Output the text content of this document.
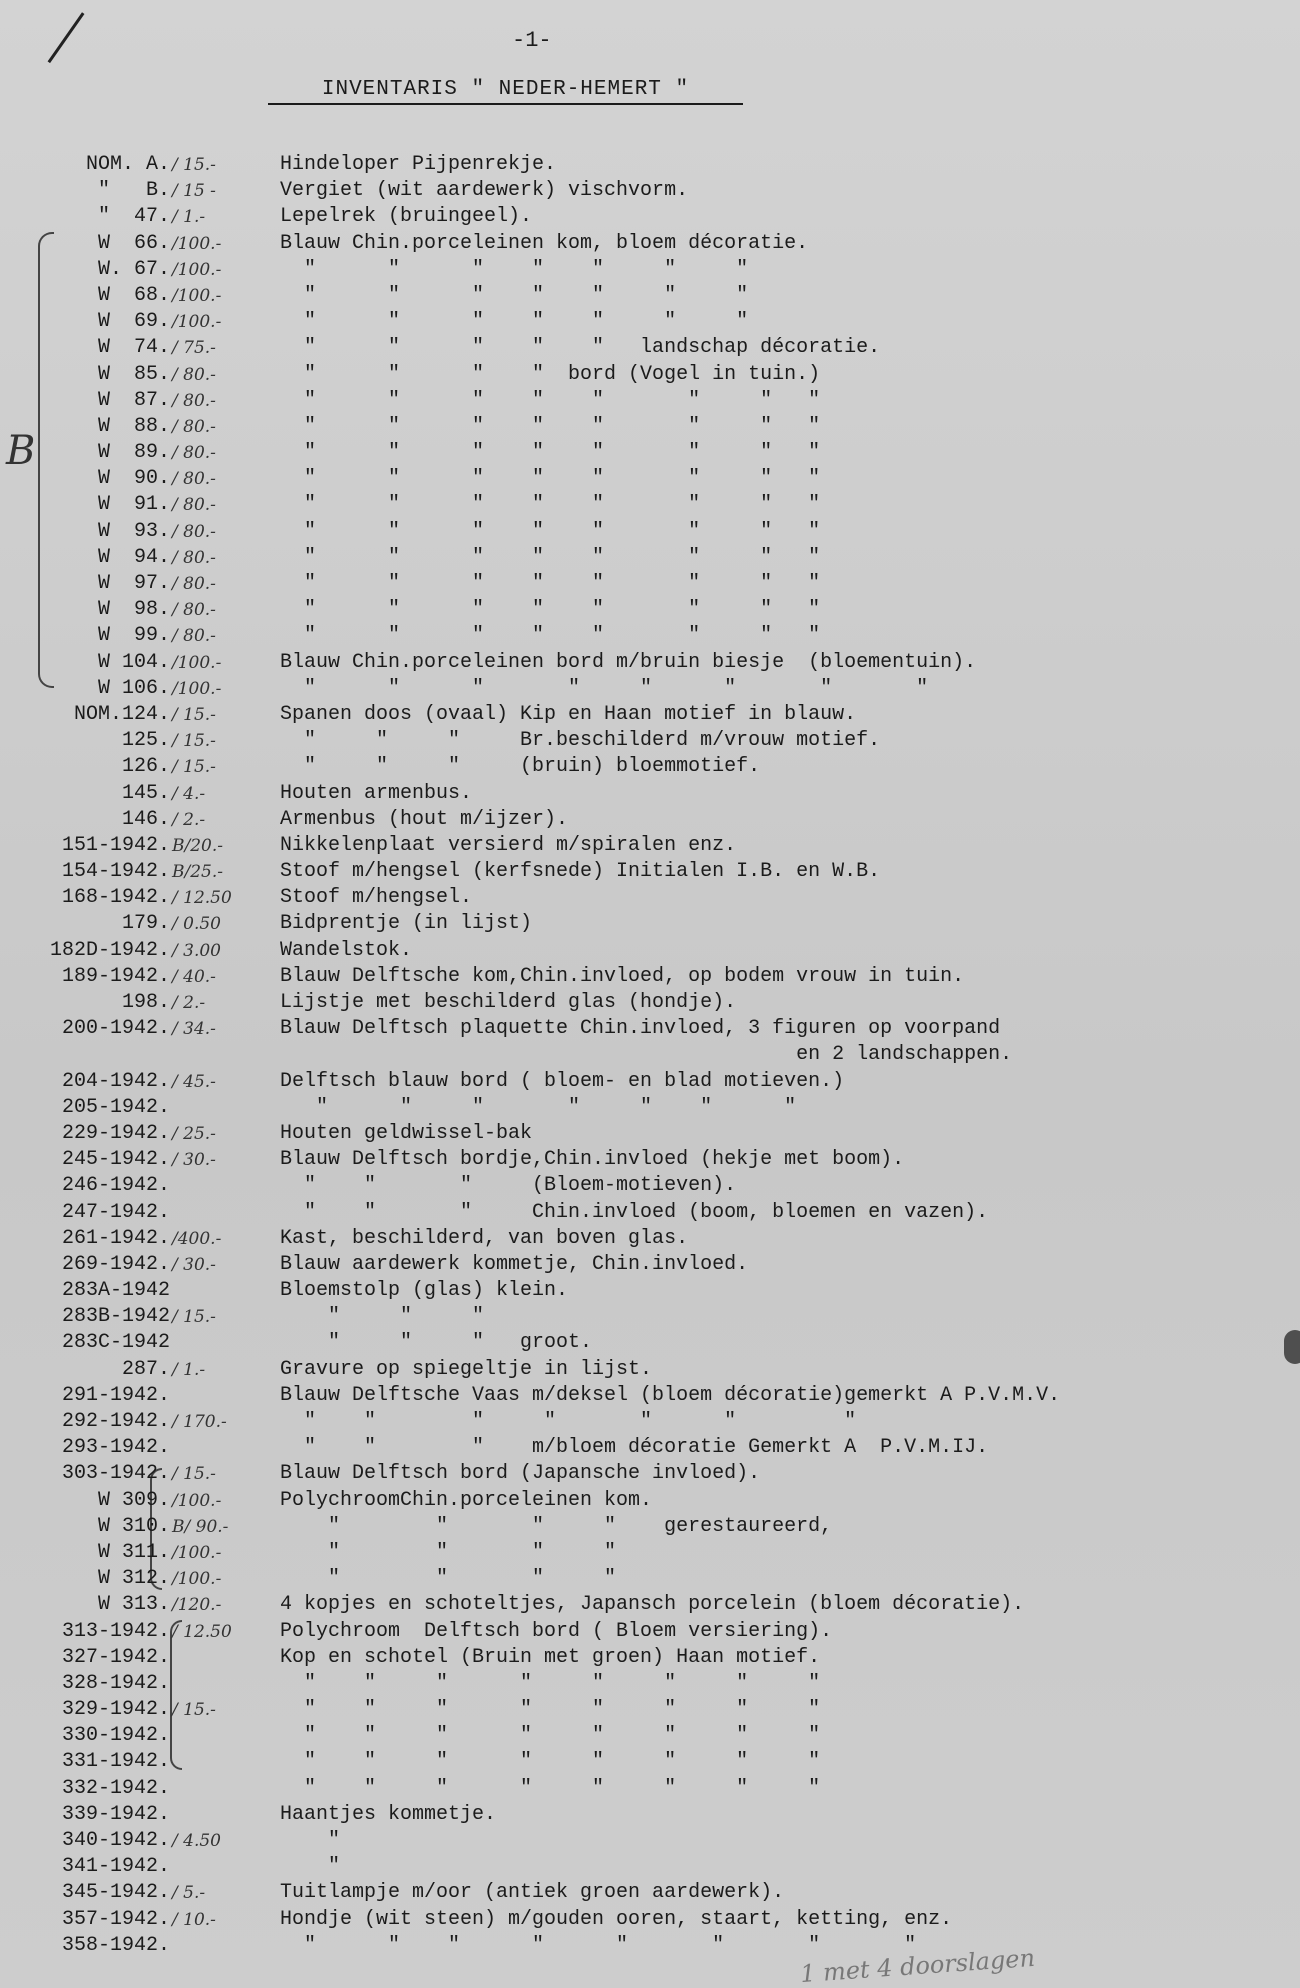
-1-
INVENTARIS " NEDER-HEMERT "
B
NOM. A. / 15.-	Hindeloper Pijpenrekje.
"   B. / 15 -	Vergiet (wit aardewerk) vischvorm.
"  47. / 1.-	Lepelrek (bruingeel).
W  66. /100.-	Blauw Chin.porceleinen kom, bloem décoratie.
W. 67. /100.-	"      "      "    "    "     "     "
W  68. /100.-	"      "      "    "    "     "     "
W  69. /100.-	"      "      "    "    "     "     "
W  74. / 75.-	"      "      "    "    "   landschap décoratie.
W  85. / 80.-	"      "      "    "  bord (Vogel in tuin.)
W  87. / 80.-	"      "      "    "    "       "     "   "
W  88. / 80.-	"      "      "    "    "       "     "   "
W  89. / 80.-	"      "      "    "    "       "     "   "
W  90. / 80.-	"      "      "    "    "       "     "   "
W  91. / 80.-	"      "      "    "    "       "     "   "
W  93. / 80.-	"      "      "    "    "       "     "   "
W  94. / 80.-	"      "      "    "    "       "     "   "
W  97. / 80.-	"      "      "    "    "       "     "   "
W  98. / 80.-	"      "      "    "    "       "     "   "
W  99. / 80.-	"      "      "    "    "       "     "   "
W 104. /100.-	Blauw Chin.porceleinen bord m/bruin biesje  (bloementuin).
W 106. /100.-	"      "      "       "     "      "       "       "
NOM.124. / 15.-	Spanen doos (ovaal) Kip en Haan motief in blauw.
125. / 15.-	"     "     "     Br.beschilderd m/vrouw motief.
126. / 15.-	"     "     "     (bruin) bloemmotief.
145. / 4.-	Houten armenbus.
146. / 2.-	Armenbus (hout m/ijzer).
151-1942. B/20.-	Nikkelenplaat versierd m/spiralen enz.
154-1942. B/25.-	Stoof m/hengsel (kerfsnede) Initialen I.B. en W.B.
168-1942. / 12.50	Stoof m/hengsel.
179. / 0.50	Bidprentje (in lijst)
182D-1942. / 3.00	Wandelstok.
189-1942. / 40.-	Blauw Delftsche kom,Chin.invloed, op bodem vrouw in tuin.
198. / 2.-	Lijstje met beschilderd glas (hondje).
200-1942. / 34.-	Blauw Delftsch plaquette Chin.invloed, 3 figuren op voorpand
en 2 landschappen.
204-1942. / 45.-	Delftsch blauw bord ( bloem- en blad motieven.)
205-1942.	"      "     "       "     "    "      "
229-1942. / 25.-	Houten geldwissel-bak
245-1942. / 30.-	Blauw Delftsch bordje,Chin.invloed (hekje met boom).
246-1942.	"    "       "     (Bloem-motieven).
247-1942.	"    "       "     Chin.invloed (boom, bloemen en vazen).
261-1942. /400.-	Kast, beschilderd, van boven glas.
269-1942. / 30.-	Blauw aardewerk kommetje, Chin.invloed.
283A-1942	Bloemstolp (glas) klein.
283B-1942 / 15.-	"     "     "
283C-1942	"     "     "   groot.
287. / 1.-	Gravure op spiegeltje in lijst.
291-1942.	Blauw Delftsche Vaas m/deksel (bloem décoratie)gemerkt A P.V.M.V.
292-1942. / 170.-	"    "        "     "       "      "         "
293-1942.	"    "        "    m/bloem décoratie Gemerkt A  P.V.M.IJ.
303-1942. / 15.-	Blauw Delftsch bord (Japansche invloed).
W 309. /100.-	PolychroomChin.porceleinen kom.
W 310. B/ 90.-	"        "       "     "    gerestaureerd,
W 311. /100.-	"        "       "     "
W 312. /100.-	"        "       "     "
W 313. /120.-	4 kopjes en schoteltjes, Japansch porcelein (bloem décoratie).
313-1942. / 12.50	Polychroom  Delftsch bord ( Bloem versiering).
327-1942.	Kop en schotel (Bruin met groen) Haan motief.
328-1942.	"    "     "      "     "     "     "     "
329-1942. / 15.-	"    "     "      "     "     "     "     "
330-1942.	"    "     "      "     "     "     "     "
331-1942.	"    "     "      "     "     "     "     "
332-1942.	"    "     "      "     "     "     "     "
339-1942.	Haantjes kommetje.
340-1942. / 4.50	"
341-1942.	"
345-1942. / 5.-	Tuitlampje m/oor (antiek groen aardewerk).
357-1942. / 10.-	Hondje (wit steen) m/gouden ooren, staart, ketting, enz.
358-1942.	"      "    "      "      "       "       "       "
1 met 4 doorslagen
